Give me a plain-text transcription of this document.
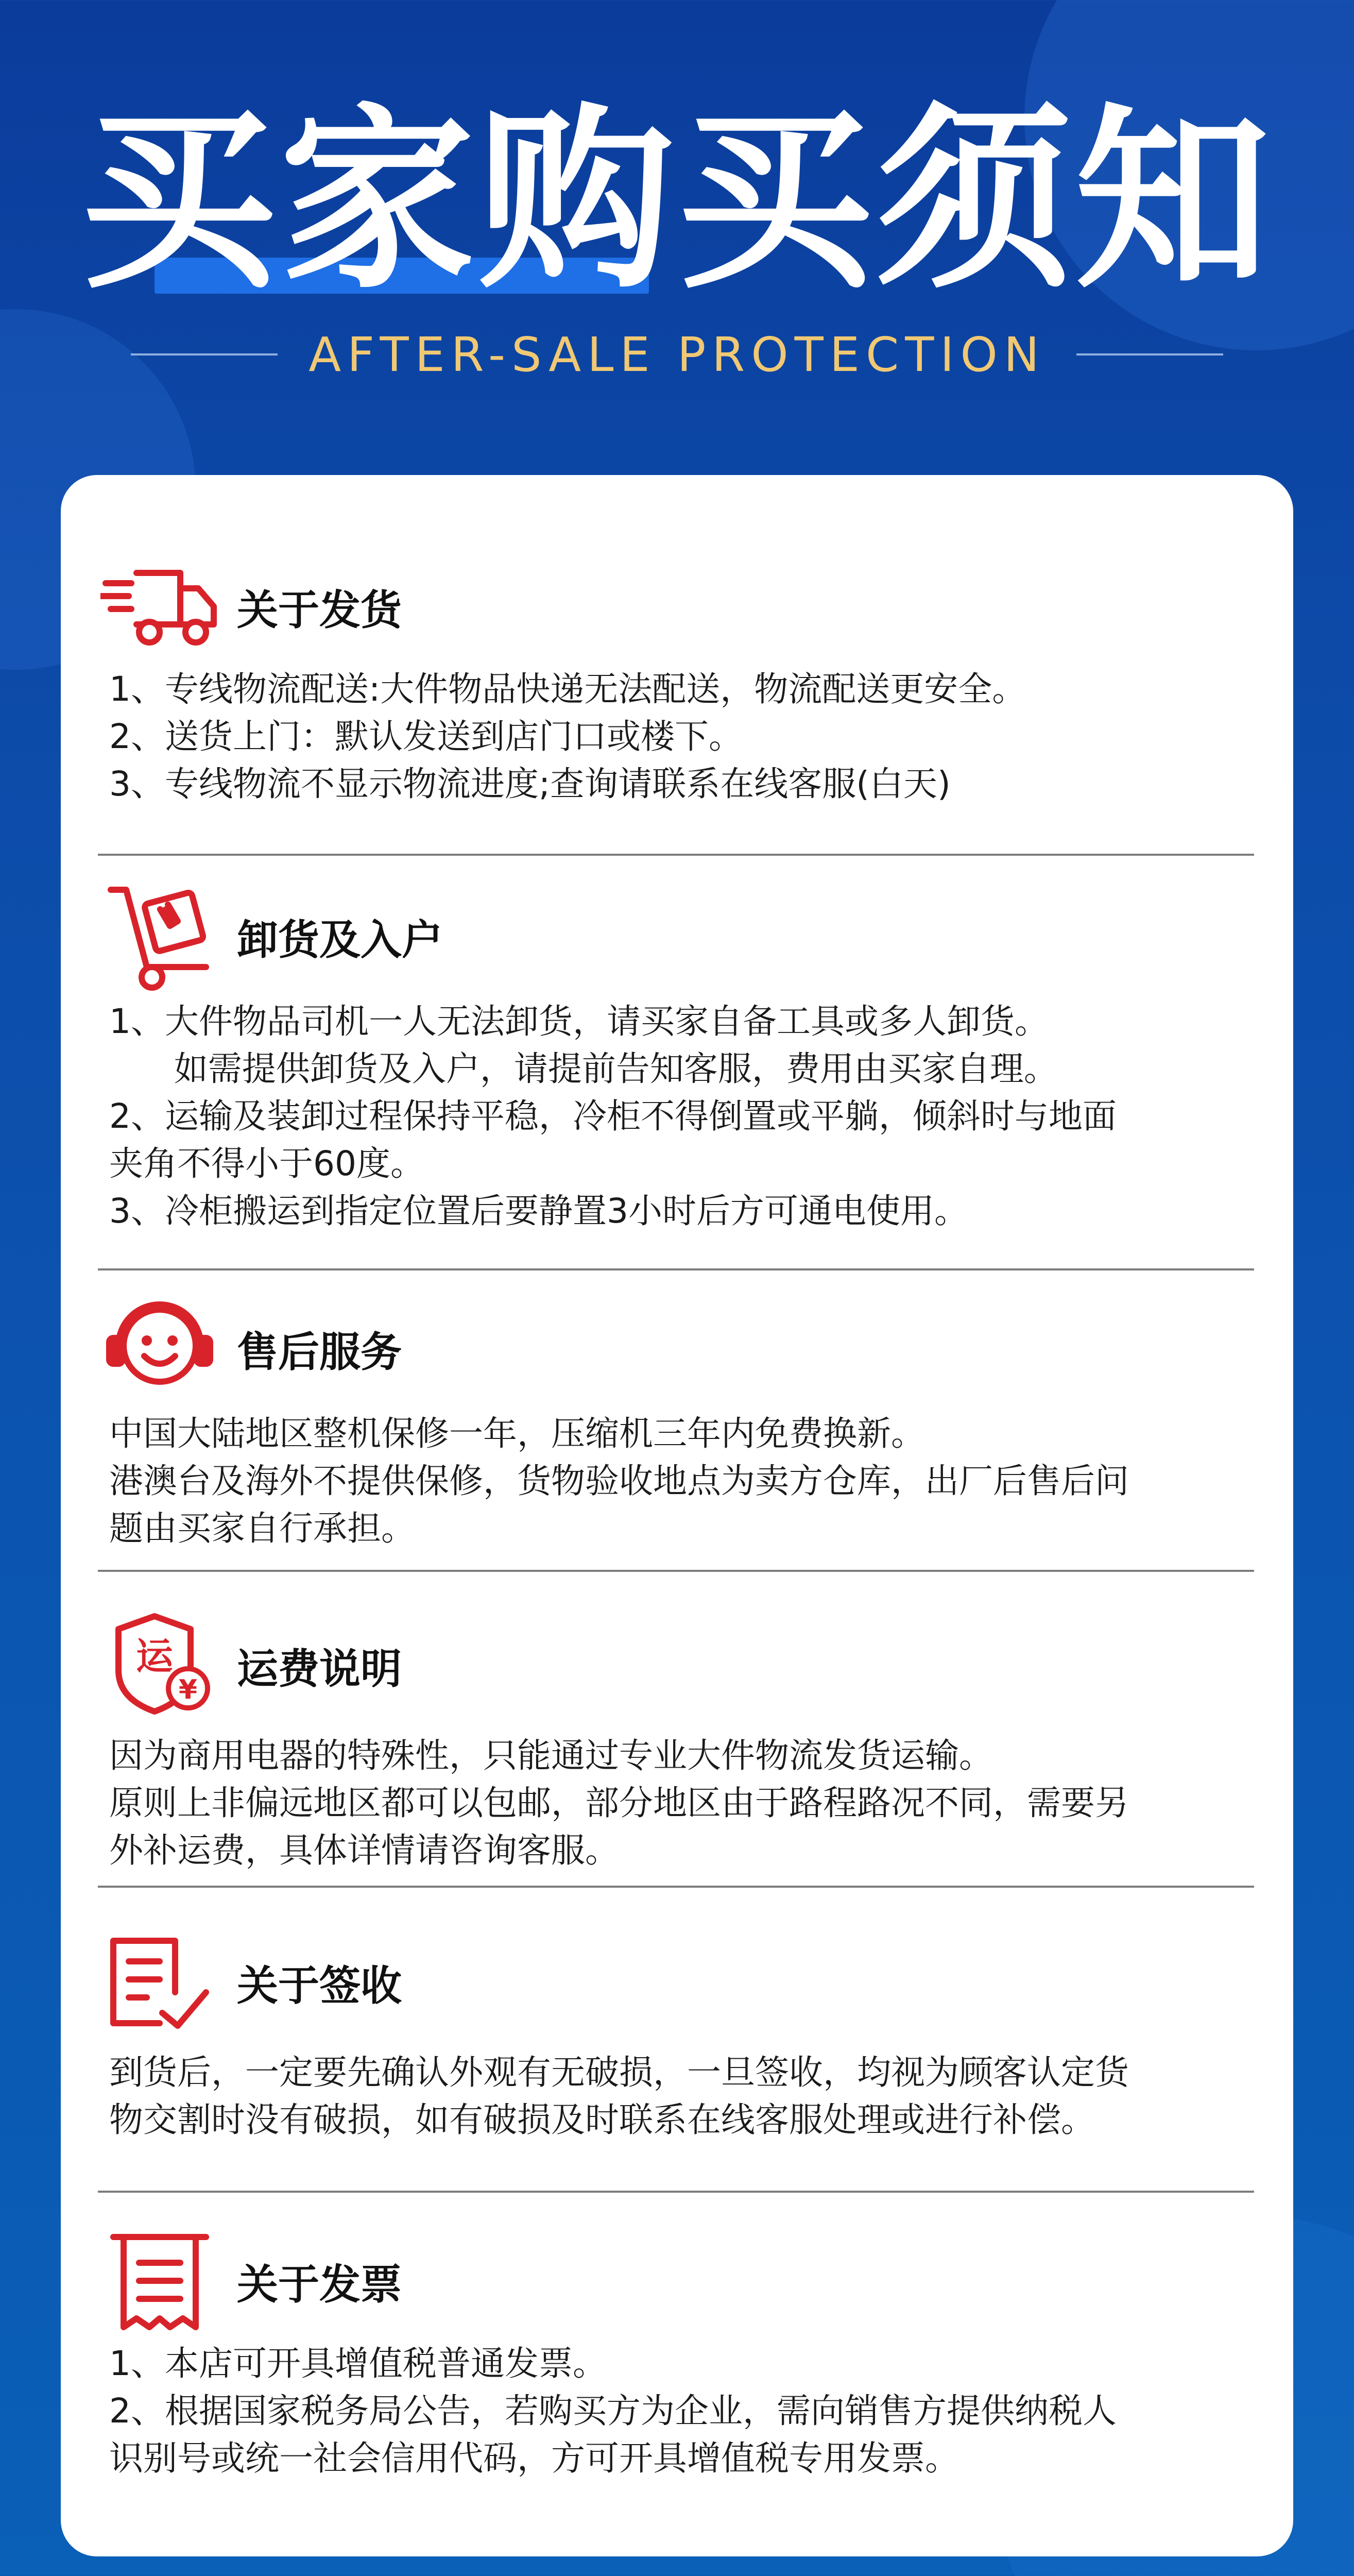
买家购买须知
AFTER-SALE PROTECTION
关于发货

1、专线物流配送:大件物品快递无法配送，物流配送更安全。

2、送货上门：默认发送到店门口或楼下。

3、专线物流不显示物流进度;查询请联系在线客服(白天)

卸货及入户

1、大件物品司机一人无法卸货，请买家自备工具或多人卸货。

如需提供卸货及入户，请提前告知客服，费用由买家自理。

2、运输及装卸过程保持平稳，冷柜不得倒置或平躺，倾斜时与地面

夹角不得小于60度。

3、冷柜搬运到指定位置后要静置3小时后方可通电使用。

售后服务

中国大陆地区整机保修一年，压缩机三年内免费换新。

港澳台及海外不提供保修，货物验收地点为卖方仓库，出厂后售后问

题由买家自行承担。

运
¥ 运费说明

因为商用电器的特殊性，只能通过专业大件物流发货运输。

原则上非偏远地区都可以包邮，部分地区由于路程路况不同，需要另

外补运费，具体详情请咨询客服。

关于签收

到货后，一定要先确认外观有无破损，一旦签收，均视为顾客认定货

物交割时没有破损，如有破损及时联系在线客服处理或进行补偿。

关于发票

1、本店可开具增值税普通发票。

2、根据国家税务局公告，若购买方为企业，需向销售方提供纳税人

识别号或统一社会信用代码，方可开具增值税专用发票。
